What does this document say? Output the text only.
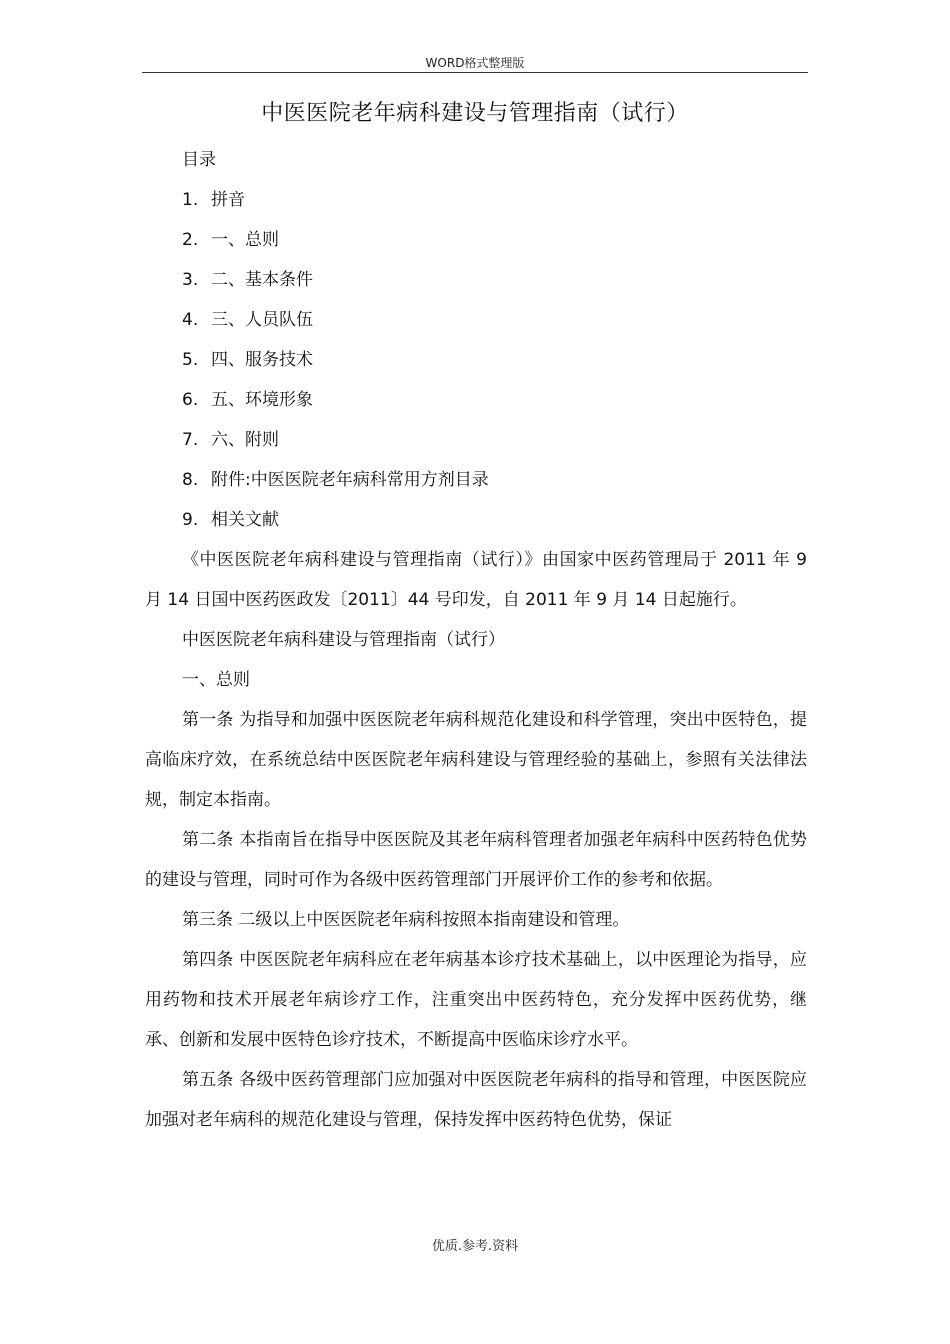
WORD格式整理版
中医医院老年病科建设与管理指南（试行）

目录

1. 拼音

2. 一、总则

3. 二、基本条件

4. 三、人员队伍

5. 四、服务技术

6. 五、环境形象

7. 六、附则

8. 附件:中医医院老年病科常用方剂目录

9. 相关文献

《中医医院老年病科建设与管理指南（试行）》由国家中医药管理局于 2011 年 9 月 14 日国中医药医政发〔2011〕44 号印发，自 2011 年 9 月 14 日起施行。

中医医院老年病科建设与管理指南（试行）

一、总则

第一条 为指导和加强中医医院老年病科规范化建设和科学管理，突出中医特色，提高临床疗效，在系统总结中医医院老年病科建设与管理经验的基础上，参照有关法律法规，制定本指南。

第二条 本指南旨在指导中医医院及其老年病科管理者加强老年病科中医药特色优势的建设与管理，同时可作为各级中医药管理部门开展评价工作的参考和依据。

第三条 二级以上中医医院老年病科按照本指南建设和管理。

第四条 中医医院老年病科应在老年病基本诊疗技术基础上，以中医理论为指导，应用药物和技术开展老年病诊疗工作，注重突出中医药特色，充分发挥中医药优势，继承、创新和发展中医特色诊疗技术，不断提高中医临床诊疗水平。

第五条 各级中医药管理部门应加强对中医医院老年病科的指导和管理，中医医院应加强对老年病科的规范化建设与管理，保持发挥中医药特色优势，保证

优质.参考.资料
